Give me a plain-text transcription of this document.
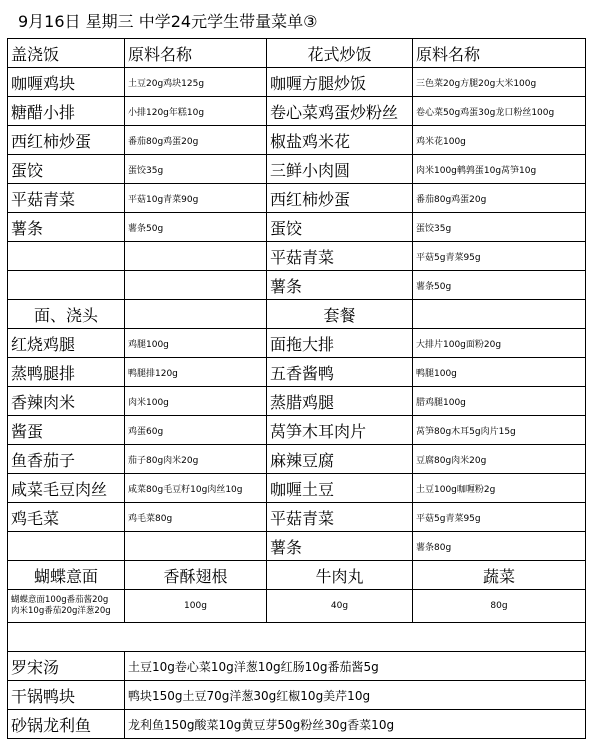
9月16日 星期三 中学24元学生带量菜单③
盖浇饭	原料名称	花式炒饭	原料名称
咖喱鸡块	土豆20g鸡块125g	咖喱方腿炒饭	三色菜20g方腿20g大米100g
糖醋小排	小排120g年糕10g	卷心菜鸡蛋炒粉丝	卷心菜50g鸡蛋30g龙口粉丝100g
西红柿炒蛋	番茄80g鸡蛋20g	椒盐鸡米花	鸡米花100g
蛋饺	蛋饺35g	三鲜小肉圆	肉米100g鹌鹑蛋10g莴笋10g
平菇青菜	平菇10g青菜90g	西红柿炒蛋	番茄80g鸡蛋20g
薯条	薯条50g	蛋饺	蛋饺35g
		平菇青菜	平菇5g青菜95g
		薯条	薯条50g
面、浇头		套餐	
红烧鸡腿	鸡腿100g	面拖大排	大排片100g面粉20g
蒸鸭腿排	鸭腿排120g	五香酱鸭	鸭腿100g
香辣肉米	肉米100g	蒸腊鸡腿	腊鸡腿100g
酱蛋	鸡蛋60g	莴笋木耳肉片	莴笋80g木耳5g肉片15g
鱼香茄子	茄子80g肉米20g	麻辣豆腐	豆腐80g肉米20g
咸菜毛豆肉丝	咸菜80g毛豆籽10g肉丝10g	咖喱土豆	土豆100g咖喱粉2g
鸡毛菜	鸡毛菜80g	平菇青菜	平菇5g青菜95g
		薯条	薯条80g
蝴蝶意面	香酥翅根	牛肉丸	蔬菜

蝴蝶意面100g番茄酱20g
肉米10g番茄20g洋葱20g	100g	40g	80g

罗宋汤	土豆10g卷心菜10g洋葱10g红肠10g番茄酱5g		
干锅鸭块	鸭块150g土豆70g洋葱30g红椒10g美芹10g		
砂锅龙利鱼	龙利鱼150g酸菜10g黄豆芽50g粉丝30g香菜10g		
